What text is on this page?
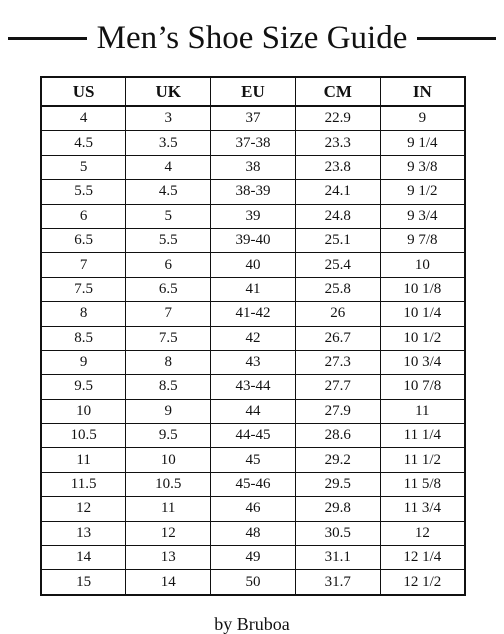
Men’s Shoe Size Guide
US	UK	EU	CM	IN
4	3	37	22.9	9
4.5	3.5	37-38	23.3	9 1/4
5	4	38	23.8	9 3/8
5.5	4.5	38-39	24.1	9 1/2
6	5	39	24.8	9 3/4
6.5	5.5	39-40	25.1	9 7/8
7	6	40	25.4	10
7.5	6.5	41	25.8	10 1/8
8	7	41-42	26	10 1/4
8.5	7.5	42	26.7	10 1/2
9	8	43	27.3	10 3/4
9.5	8.5	43-44	27.7	10 7/8
10	9	44	27.9	11
10.5	9.5	44-45	28.6	11 1/4
11	10	45	29.2	11 1/2
11.5	10.5	45-46	29.5	11 5/8
12	11	46	29.8	11 3/4
13	12	48	30.5	12
14	13	49	31.1	12 1/4
15	14	50	31.7	12 1/2
by Bruboa
